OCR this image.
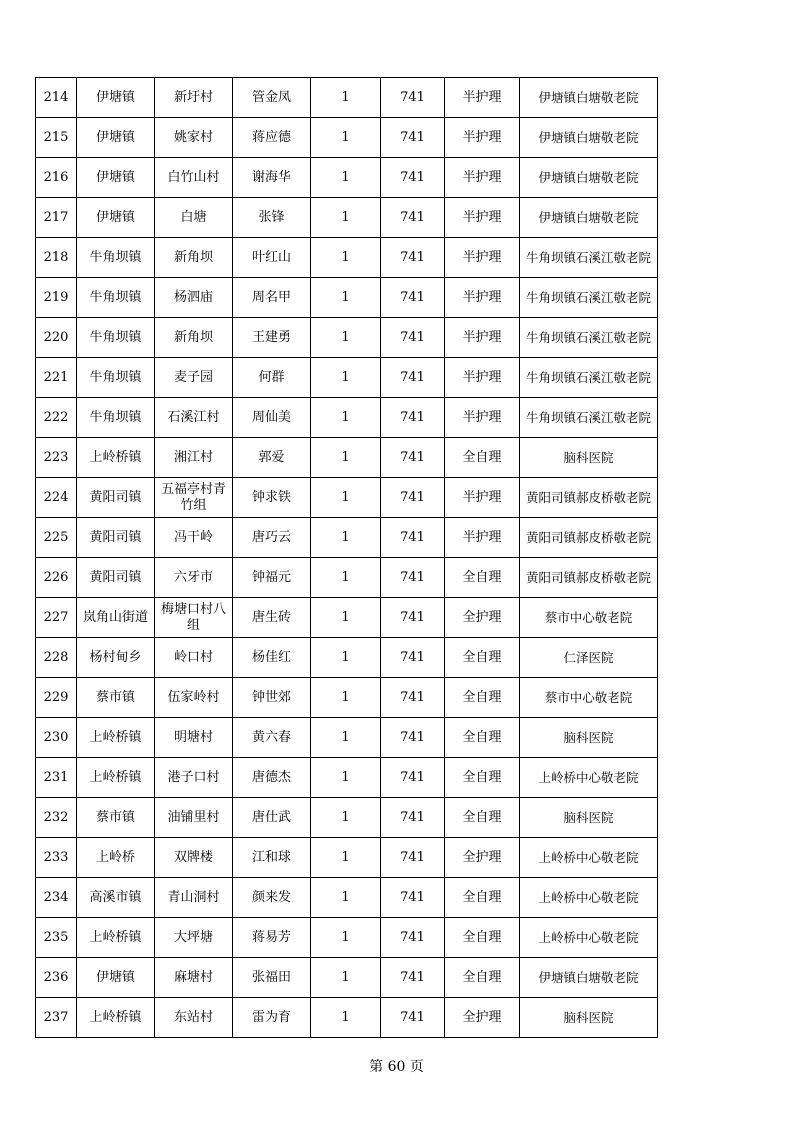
214	伊塘镇	新圩村	管金凤	1	741	半护理	伊塘镇白塘敬老院
215	伊塘镇	姚家村	蒋应德	1	741	半护理	伊塘镇白塘敬老院
216	伊塘镇	白竹山村	谢海华	1	741	半护理	伊塘镇白塘敬老院
217	伊塘镇	白塘	张锋	1	741	半护理	伊塘镇白塘敬老院
218	牛角坝镇	新角坝	叶红山	1	741	半护理	牛角坝镇石溪江敬老院
219	牛角坝镇	杨泗庙	周名甲	1	741	半护理	牛角坝镇石溪江敬老院
220	牛角坝镇	新角坝	王建勇	1	741	半护理	牛角坝镇石溪江敬老院
221	牛角坝镇	麦子园	何群	1	741	半护理	牛角坝镇石溪江敬老院
222	牛角坝镇	石溪江村	周仙美	1	741	半护理	牛角坝镇石溪江敬老院
223	上岭桥镇	湘江村	郭爱	1	741	全自理	脑科医院
224	黄阳司镇	五福亭村青竹组	钟求铁	1	741	半护理	黄阳司镇郝皮桥敬老院
225	黄阳司镇	冯干岭	唐巧云	1	741	半护理	黄阳司镇郝皮桥敬老院
226	黄阳司镇	六牙市	钟福元	1	741	全自理	黄阳司镇郝皮桥敬老院
227	岚角山街道	梅塘口村八组	唐生砖	1	741	全护理	蔡市中心敬老院
228	杨村甸乡	岭口村	杨佳红	1	741	全自理	仁泽医院
229	蔡市镇	伍家岭村	钟世郊	1	741	全自理	蔡市中心敬老院
230	上岭桥镇	明塘村	黄六春	1	741	全自理	脑科医院
231	上岭桥镇	港子口村	唐德杰	1	741	全自理	上岭桥中心敬老院
232	蔡市镇	油铺里村	唐仕武	1	741	全自理	脑科医院
233	上岭桥	双牌楼	江和球	1	741	全护理	上岭桥中心敬老院
234	高溪市镇	青山洞村	颜来发	1	741	全自理	上岭桥中心敬老院
235	上岭桥镇	大坪塘	蒋易芳	1	741	全自理	上岭桥中心敬老院
236	伊塘镇	麻塘村	张福田	1	741	全自理	伊塘镇白塘敬老院
237	上岭桥镇	东站村	雷为育	1	741	全护理	脑科医院
第 60 页
